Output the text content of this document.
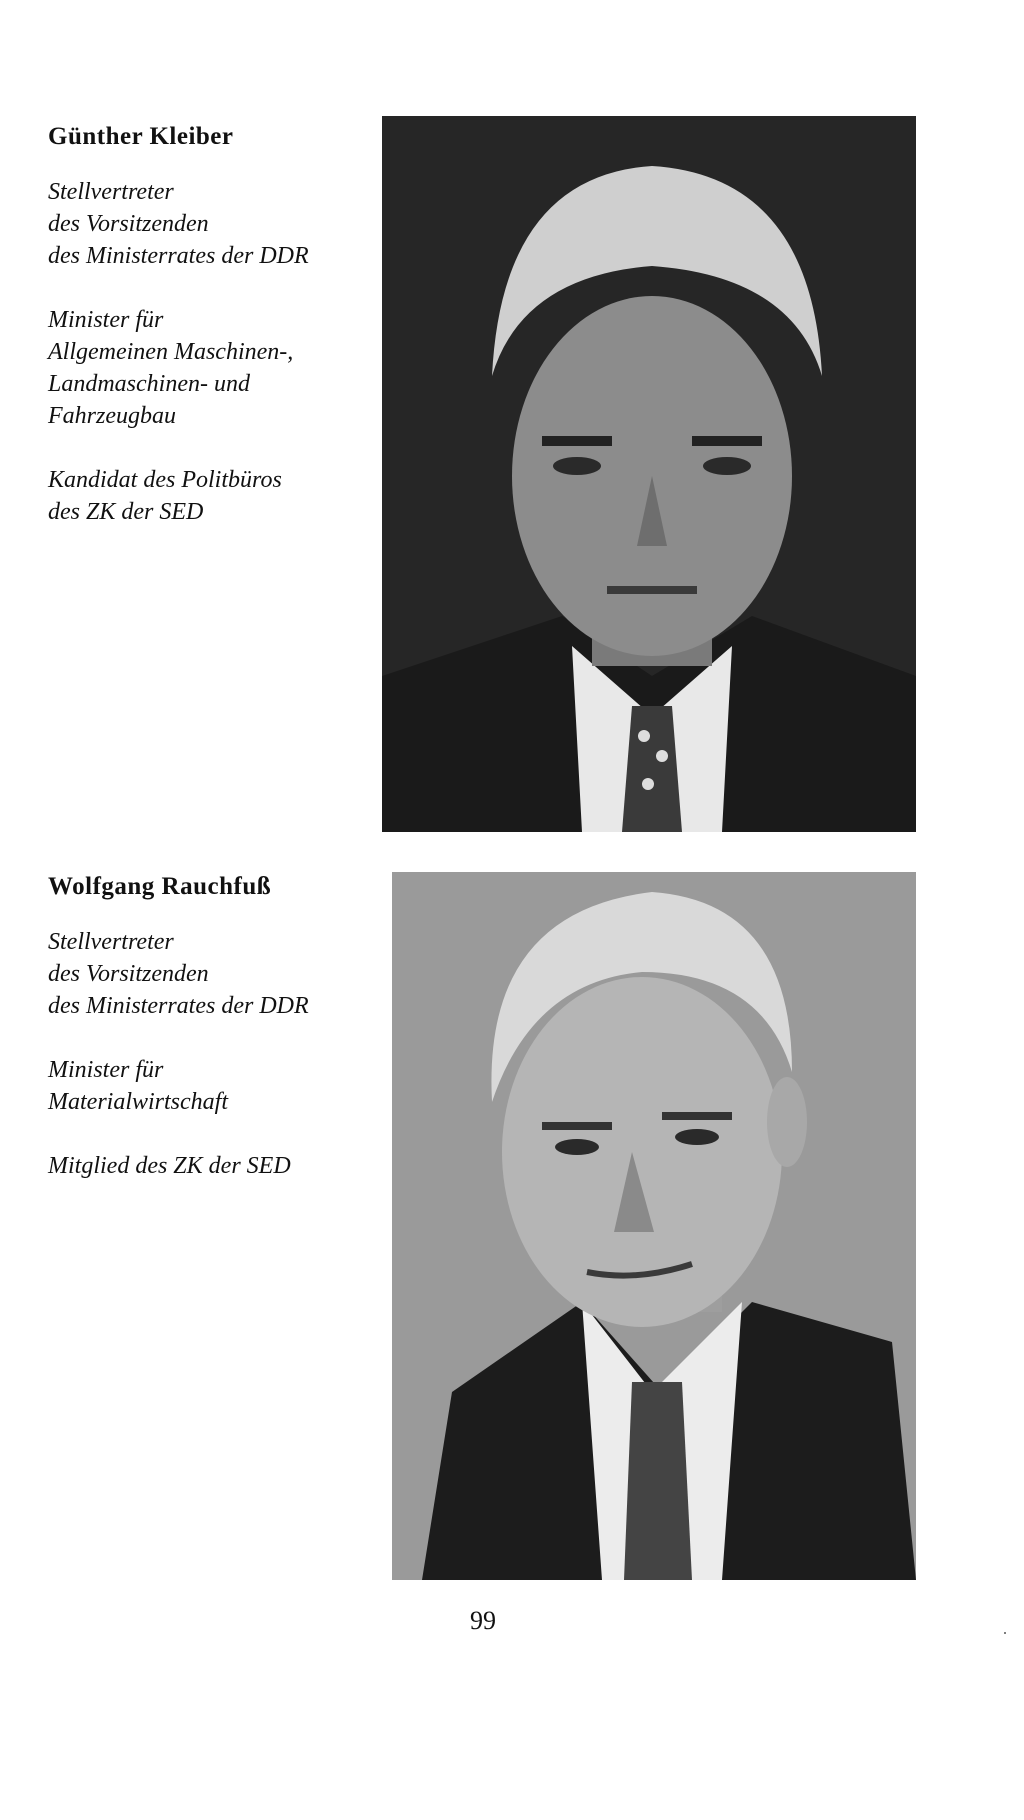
Günther Kleiber
Stellvertreter
des Vorsitzenden
des Ministerrates der DDR
Minister für
Allgemeinen Maschinen-,
Landmaschinen- und
Fahrzeugbau
Kandidat des Politbüros
des ZK der SED
Wolfgang Rauchfuß
Stellvertreter
des Vorsitzenden
des Ministerrates der DDR
Minister für
Materialwirtschaft
Mitglied des ZK der SED
99
